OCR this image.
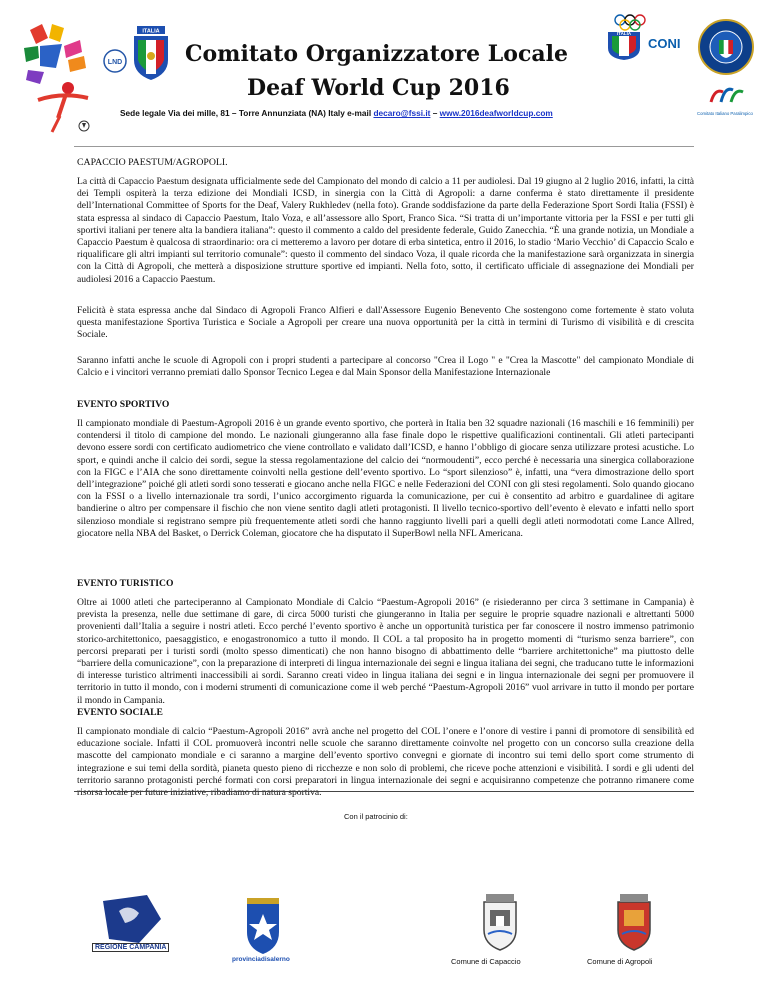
LND
ITALIA
Comitato Organizzatore Locale
Deaf World Cup 2016
Sede legale Via dei mille, 81 – Torre Annunziata (NA) Italy e-mail decaro@fssi.it – www.2016deafworldcup.com
ITALIA
CONI
Comitato Italiano Paralimpico
CAPACCIO PAESTUM/AGROPOLI.
La città di Capaccio Paestum designata ufficialmente sede del Campionato del mondo di calcio a 11 per audiolesi. Dal 19 giugno al 2 luglio 2016, infatti, la città dei Templi ospiterà la terza edizione dei Mondiali ICSD, in sinergia con la Città di Agropoli: a darne conferma è stato direttamente il presidente dell’International Committee of Sports for the Deaf, Valery Rukhledev (nella foto). Grande soddisfazione da parte della Federazione Sport Sordi Italia (FSSI) è stata espressa al sindaco di Capaccio Paestum, Italo Voza, e all’assessore allo Sport, Franco Sica. “Si tratta di un’importante vittoria per la FSSI e per tutti gli sportivi italiani per tenere alta la bandiera italiana”: questo il commento a caldo del presidente federale, Guido Zanecchia. “È una grande notizia, un Mondiale a Capaccio Paestum è qualcosa di straordinario: ora ci metteremo a lavoro per dotare di erba sintetica, entro il 2016, lo stadio ‘Mario Vecchio’ di Capaccio Scalo e riqualificare gli altri impianti sul territorio comunale”: questo il commento del sindaco Voza, il quale ricorda che la manifestazione sarà organizzata in sinergia con la Città di Agropoli, che metterà a disposizione strutture sportive ed impianti. Nella foto, sotto, il certificato ufficiale di assegnazione dei Mondiali per audiolesi 2016 a Capaccio Paestum.
Felicità è stata espressa anche dal Sindaco di Agropoli Franco Alfieri e dall'Assessore Eugenio Benevento Che sostengono come fortemente è stato voluta questa manifestazione Sportiva Turistica e Sociale a Agropoli per creare una nuova opportunità per la città in termini di Turismo di visibilità e di crescita Sociale.
Saranno infatti anche le scuole di Agropoli con i propri studenti a partecipare al concorso "Crea il Logo " e "Crea la Mascotte" del campionato Mondiale di Calcio e i vincitori verranno premiati dallo Sponsor Tecnico Legea e dal Main Sponsor della Manifestazione Internazionale
EVENTO SPORTIVO
Il campionato mondiale di Paestum-Agropoli 2016 è un grande evento sportivo, che porterà in Italia ben 32 squadre nazionali (16 maschili e 16 femminili) per contendersi il titolo di campione del mondo. Le nazionali giungeranno alla fase finale dopo le rispettive qualificazioni continentali. Gli atleti partecipanti devono essere sordi con certificato audiometrico che viene controllato e validato dall’ICSD, e hanno l’obbligo di giocare senza utilizzare protesi acustiche. Lo sport, e quindi anche il calcio dei sordi, segue la stessa regolamentazione del calcio dei “normoudenti”, ecco perché è necessaria una sinergica collaborazione con la FIGC e l’AIA che sono direttamente coinvolti nella gestione dell’evento sportivo. Lo “sport silenzioso” è, infatti, una “vera dimostrazione dello sport dell’integrazione” poiché gli atleti sordi sono tesserati e giocano anche nella FIGC e nelle Federazioni del CONI con gli stesi regolamenti. Solo quando giocano con la FSSI o a livello internazionale tra sordi, l’unico accorgimento riguarda la comunicazione, per cui è consentito ad arbitro e guardalinee di agitare bandierine o altro per compensare il fischio che non viene sentito dagli atleti protagonisti. Il livello tecnico-sportivo dell’evento è elevato e infatti nello sport silenzioso mondiale si registrano sempre più frequentemente atleti sordi che hanno raggiunto livelli pari a quelli degli atleti normodotati come Lance Allred, giocatore nella NBA del Basket, o Derrick Coleman, giocatore che ha disputato il SuperBowl nella NFL Americana.
EVENTO TURISTICO
Oltre ai 1000 atleti che parteciperanno al Campionato Mondiale di Calcio “Paestum-Agropoli 2016” (e risiederanno per circa 3 settimane in Campania) è prevista la presenza, nelle due settimane di gare, di circa 5000 turisti che giungeranno in Italia per seguire le proprie squadre nazionali e altrettanti 5000 provenienti dall’Italia a seguire i nostri atleti. Ecco perché l’evento sportivo è anche un opportunità turistica per far conoscere il nostro immenso patrimonio storico-architettonico, paesaggistico, e enogastronomico a tutto il mondo. Il COL a tal proposito ha in progetto momenti di “turismo senza barriere”, con percorsi preparati per i turisti sordi (molto spesso dimenticati) che non hanno bisogno di abbattimento delle “barriere architettoniche” ma piuttosto delle “barriere della comunicazione”, con la preparazione di interpreti di lingua internazionale dei segni e lingua italiana dei segni, che traducano tutte le informazioni di interesse turistico altrimenti inaccessibili ai sordi. Saranno creati video in lingua italiana dei segni e in lingua internazionale dei segni per promuovere il territorio in tutto il mondo, con i moderni strumenti di comunicazione come il web perché “Paestum-Agropoli 2016” vuol arrivare in tutto il mondo per portare il mondo in Campania.
EVENTO SOCIALE
Il campionato mondiale di calcio “Paestum-Agropoli 2016” avrà anche nel progetto del COL l’onere e l’onore di vestire i panni di promotore di sensibilità ed educazione sociale. Infatti il COL promuoverà incontri nelle scuole che saranno direttamente coinvolte nel progetto con un concorso sulla creazione della mascotte del campionato mondiale e ci saranno a margine dell’evento sportivo convegni e giornate di incontro sui temi dello sport come strumento di integrazione e sui temi della sordità, pianeta questo pieno di ricchezze e non solo di problemi, che riceve poche attenzioni e visibilità. I sordi e gli udenti del territorio saranno protagonisti perché formati con corsi preparatori in lingua internazionale dei segni e acquisiranno competenze che potranno rimanere come risorsa locale per future iniziative, ribadiamo di natura sportiva.
Con il patrocinio di:
REGIONE CAMPANIA
provinciadisalerno	Comune di Capaccio	Comune di Agropoli
